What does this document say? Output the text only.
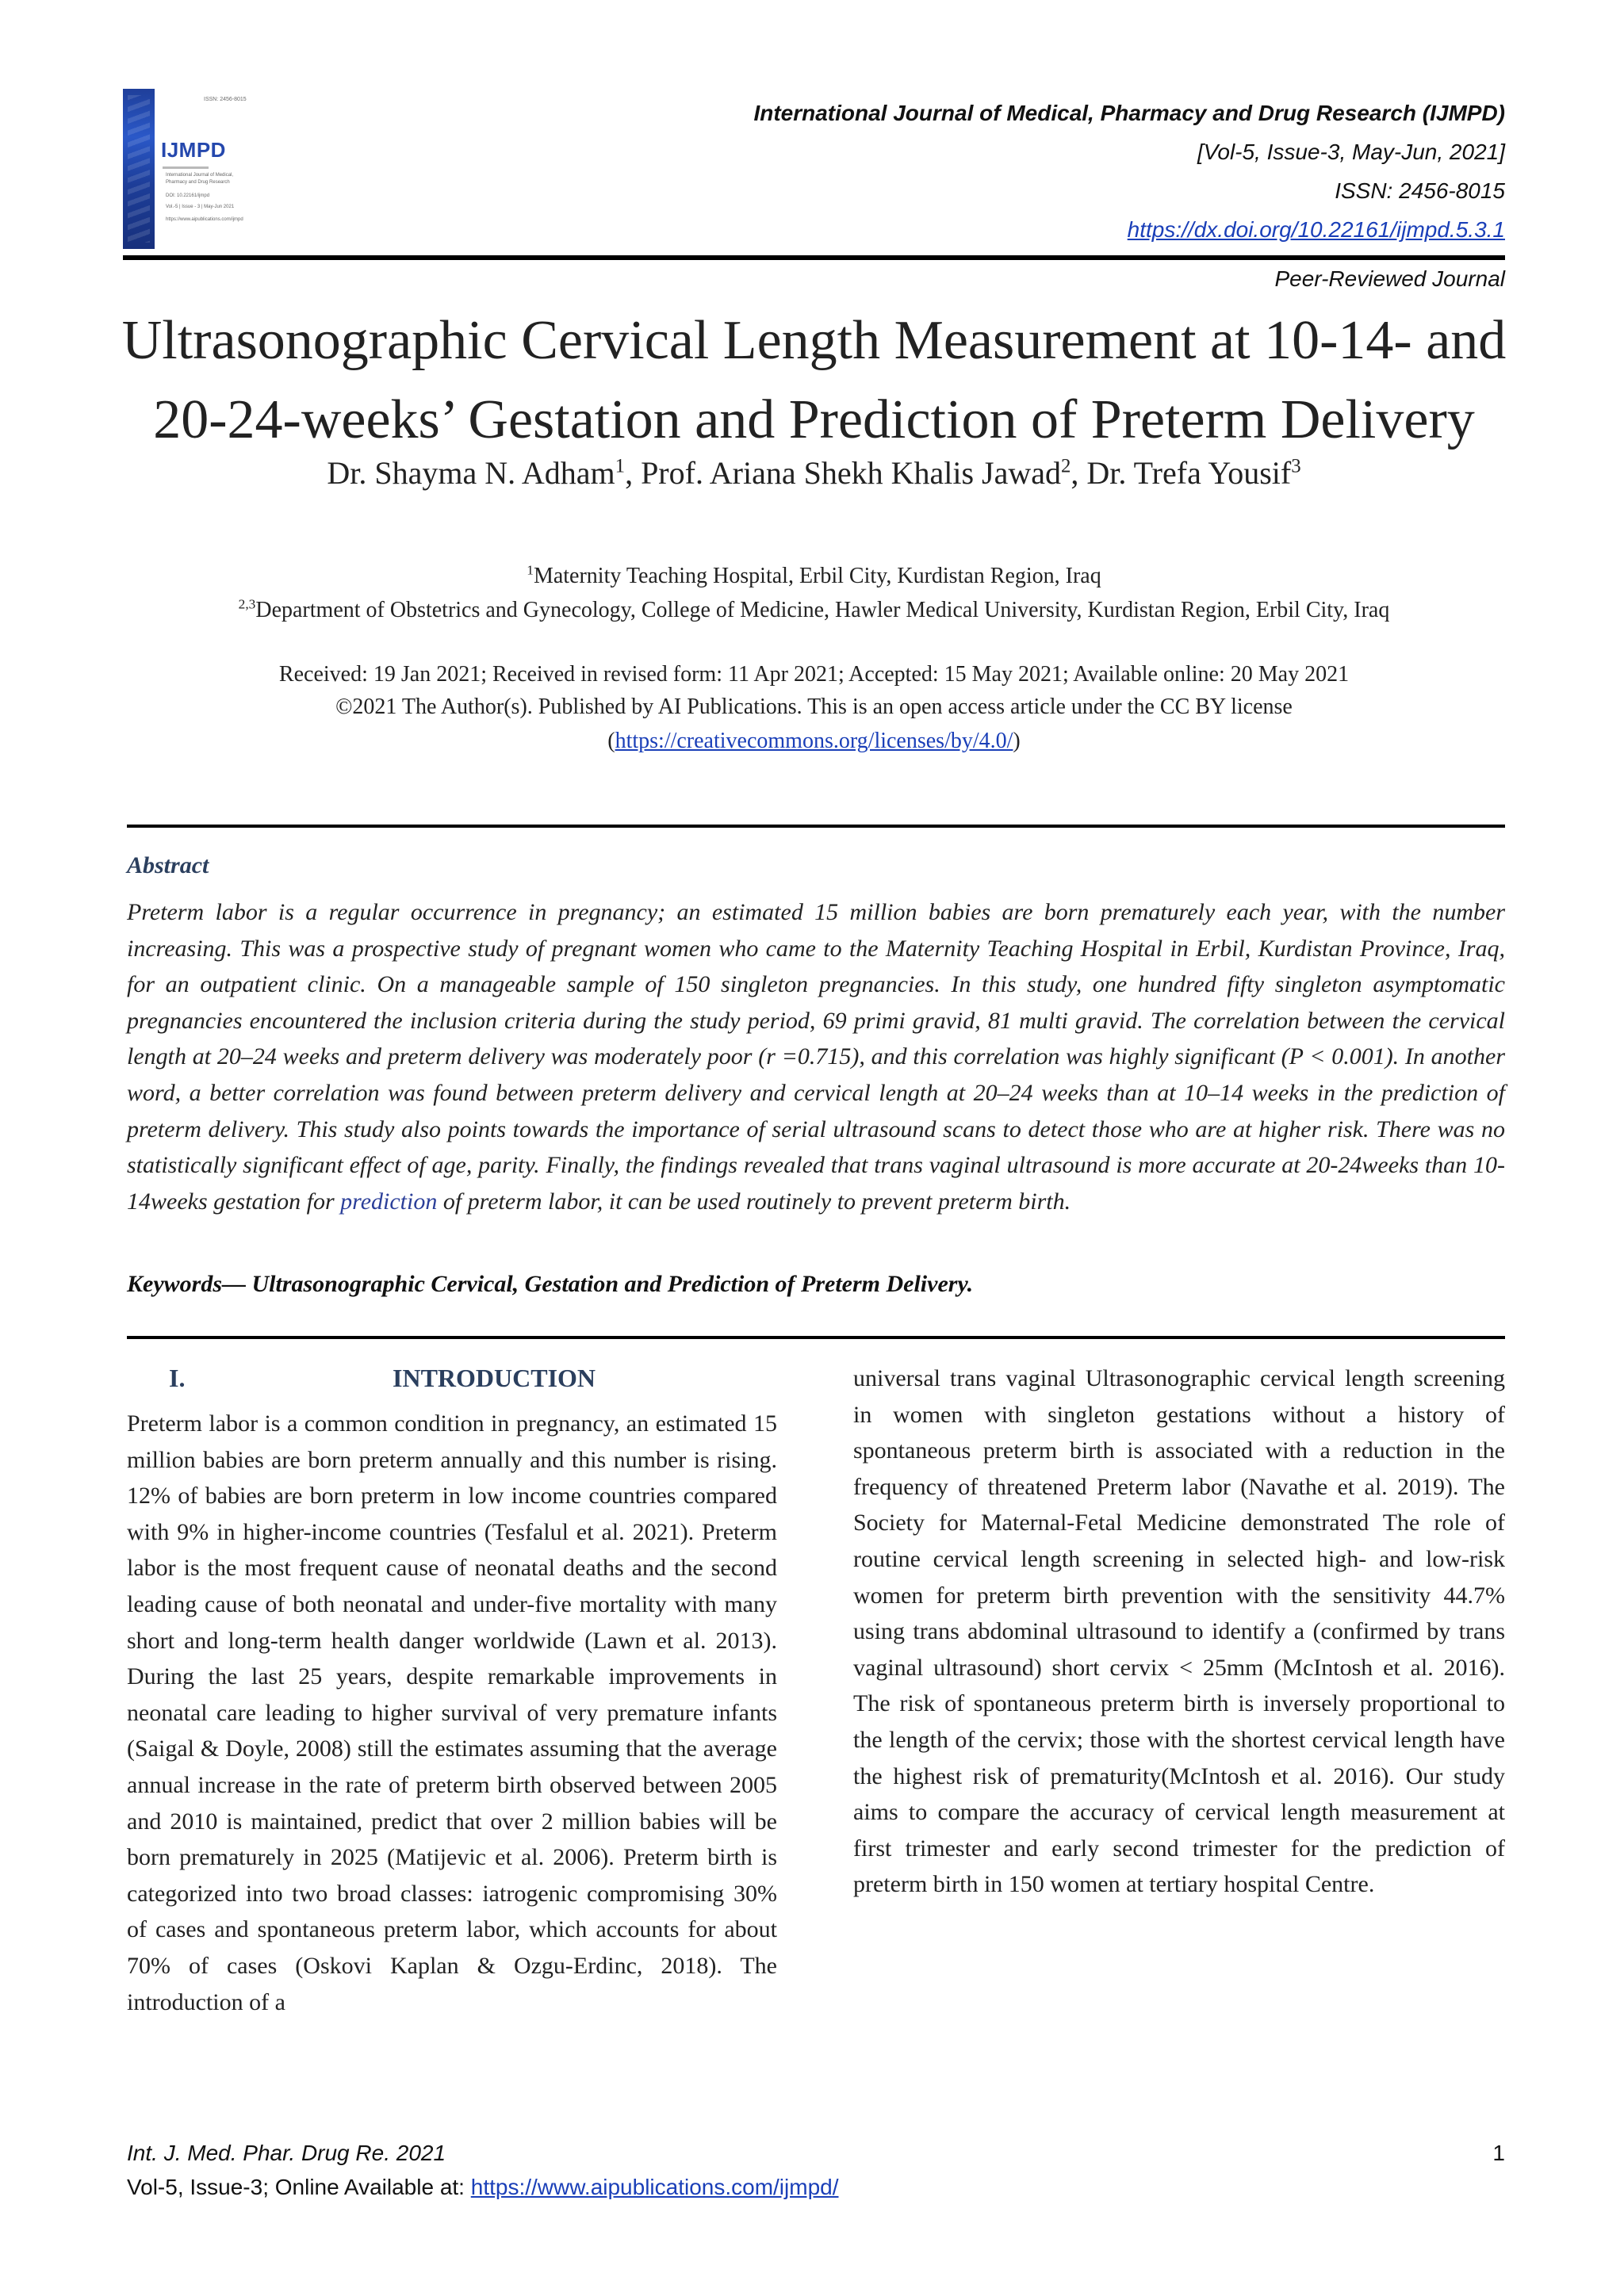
ISSN: 2456-8015
IJMPD
International Journal of Medical,
Pharmacy and Drug Research
DOI: 10.22161/ijmpd
Vol.-5 | Issue - 3 | May-Jun 2021
https://www.aipublications.com/ijmpd
International Journal of Medical, Pharmacy and Drug Research (IJMPD)
[Vol-5, Issue-3, May-Jun, 2021]
ISSN: 2456-8015
https://dx.doi.org/10.22161/ijmpd.5.3.1
Peer-Reviewed Journal
Ultrasonographic Cervical Length Measurement at 10-14- and
20-24-weeks’ Gestation and Prediction of Preterm Delivery
Dr. Shayma N. Adham$^1$, Prof. Ariana Shekh Khalis Jawad$^2$, Dr. Trefa Yousif$^3$
$^1$Maternity Teaching Hospital, Erbil City, Kurdistan Region, Iraq
$^{2,3}$Department of Obstetrics and Gynecology, College of Medicine, Hawler Medical University, Kurdistan Region, Erbil City, Iraq
Received: 19 Jan 2021; Received in revised form: 11 Apr 2021; Accepted: 15 May 2021; Available online: 20 May 2021
©2021 The Author(s). Published by AI Publications. This is an open access article under the CC BY license
(https://creativecommons.org/licenses/by/4.0/)
Abstract
Preterm labor is a regular occurrence in pregnancy; an estimated 15 million babies are born prematurely each year, with the number increasing. This was a prospective study of pregnant women who came to the Maternity Teaching Hospital in Erbil, Kurdistan Province, Iraq, for an outpatient clinic. On a manageable sample of 150 singleton pregnancies. In this study, one hundred fifty singleton asymptomatic pregnancies encountered the inclusion criteria during the study period, 69 primi gravid, 81 multi gravid. The correlation between the cervical length at 20–24 weeks and preterm delivery was moderately poor (r =0.715), and this correlation was highly significant (P < 0.001). In another word, a better correlation was found between preterm delivery and cervical length at 20–24 weeks than at 10–14 weeks in the prediction of preterm delivery. This study also points towards the importance of serial ultrasound scans to detect those who are at higher risk. There was no statistically significant effect of age, parity. Finally, the findings revealed that trans vaginal ultrasound is more accurate at 20-24weeks than 10-14weeks gestation for prediction of preterm labor, it can be used routinely to prevent preterm birth.
Keywords— Ultrasonographic Cervical, Gestation and Prediction of Preterm Delivery.
I.	INTRODUCTION
Preterm labor is a common condition in pregnancy, an estimated 15 million babies are born preterm annually and this number is rising. 12% of babies are born preterm in low income countries compared with 9% in higher-income countries (Tesfalul et al. 2021). Preterm labor is the most frequent cause of neonatal deaths and the second leading cause of both neonatal and under-five mortality with many short and long-term health danger worldwide (Lawn et al. 2013). During the last 25 years, despite remarkable improvements in neonatal care leading to higher survival of very premature infants (Saigal & Doyle, 2008) still the estimates assuming that the average annual increase in the rate of preterm birth observed between 2005 and 2010 is maintained, predict that over 2 million babies will be born prematurely in 2025 (Matijevic et al. 2006). Preterm birth is categorized into two broad classes: iatrogenic compromising 30% of cases and spontaneous preterm labor, which accounts for about 70% of cases (Oskovi Kaplan & Ozgu-Erdinc, 2018). The introduction of a
universal trans vaginal Ultrasonographic cervical length screening in women with singleton gestations without a history of spontaneous preterm birth is associated with a reduction in the frequency of threatened Preterm labor (Navathe et al. 2019). The Society for Maternal-Fetal Medicine demonstrated The role of routine cervical length screening in selected high- and low-risk women for preterm birth prevention with the sensitivity 44.7% using trans abdominal ultrasound to identify a (confirmed by trans vaginal ultrasound) short cervix < 25mm (McIntosh et al. 2016). The risk of spontaneous preterm birth is inversely proportional to the length of the cervix; those with the shortest cervical length have the highest risk of prematurity(McIntosh et al. 2016). Our study aims to compare the accuracy of cervical length measurement at first trimester and early second trimester for the prediction of preterm birth in 150 women at tertiary hospital Centre.
Int. J. Med. Phar. Drug Re. 2021
Vol-5, Issue-3; Online Available at: https://www.aipublications.com/ijmpd/
1
